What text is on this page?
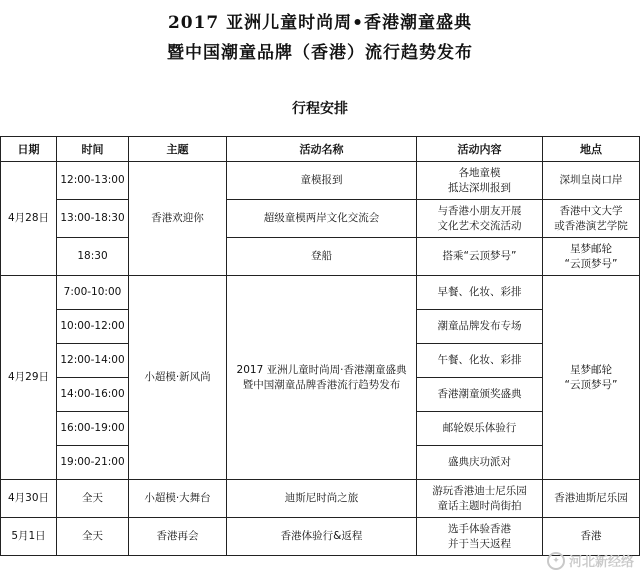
2017 亚洲儿童时尚周•香港潮童盛典
暨中国潮童品牌（香港）流行趋势发布
行程安排
日期	时间	主题	活动名称	活动内容	地点
4月28日	12:00-13:00	香港欢迎你	童模报到	各地童模
抵达深圳报到	深圳皇岗口岸
	13:00-18:30		超级童模两岸文化交流会	与香港小朋友开展
文化艺术交流活动	香港中文大学
或香港演艺学院
	18:30		登船	搭乘“云顶梦号”	星梦邮轮
“云顶梦号”
4月29日	7:00-10:00	小超模·新风尚	2017 亚洲儿童时尚周·香港潮童盛典
暨中国潮童品牌香港流行趋势发布	早餐、化妆、彩排	星梦邮轮
“云顶梦号”
	10:00-12:00			潮童品牌发布专场	
	12:00-14:00			午餐、化妆、彩排	
	14:00-16:00			香港潮童颁奖盛典	
	16:00-19:00			邮轮娱乐体验行	
	19:00-21:00			盛典庆功派对	
4月30日	全天	小超模·大舞台	迪斯尼时尚之旅	游玩香港迪士尼乐园
童话主题时尚街拍	香港迪斯尼乐园
5月1日	全天	香港再会	香港体验行&返程	选手体验香港
并于当天返程	香港
✦ 河北新经络
